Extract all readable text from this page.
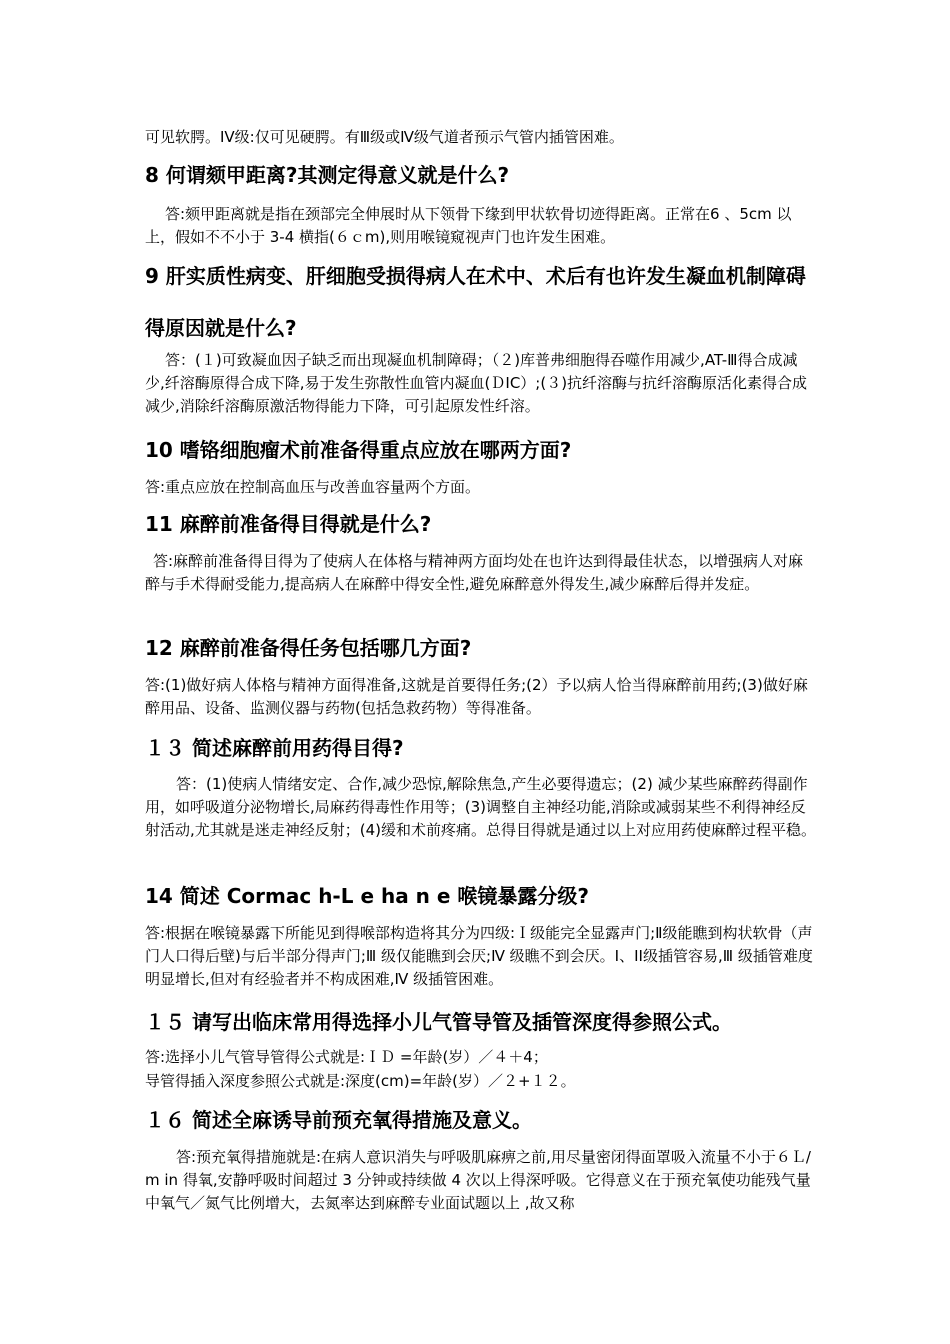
可见软腭。IV级:仅可见硬腭。有Ⅲ级或Ⅳ级气道者预示气管内插管困难。

8 何谓颏甲距离?其测定得意义就是什么?

答:颏甲距离就是指在颈部完全伸展时从下领骨下缘到甲状软骨切迹得距离。正常在6 、5cm 以上，假如不不小于 3-4 横指(６ｃm),则用喉镜窥视声门也许发生困难。

9 肝实质性病变、肝细胞受损得病人在术中、术后有也许发生凝血机制障碍得原因就是什么?

答：(１)可致凝血因子缺乏而出现凝血机制障碍；（２)库普弗细胞得吞噬作用减少,AT-Ⅲ得合成减少,纤溶酶原得合成下降,易于发生弥散性血管内凝血(ＤIC）;(３)抗纤溶酶与抗纤溶酶原活化素得合成减少,消除纤溶酶原激活物得能力下降，可引起原发性纤溶。

10 嗜铬细胞瘤术前准备得重点应放在哪两方面?

答:重点应放在控制高血压与改善血容量两个方面。

11 麻醉前准备得目得就是什么?

答:麻醉前准备得目得为了使病人在体格与精神两方面均处在也许达到得最佳状态，以增强病人对麻醉与手术得耐受能力,提高病人在麻醉中得安全性,避免麻醉意外得发生,减少麻醉后得并发症。

12 麻醉前准备得任务包括哪几方面?

答:(1)做好病人体格与精神方面得准备,这就是首要得任务;(2）予以病人恰当得麻醉前用药;(3)做好麻醉用品、设备、监测仪器与药物(包括急救药物）等得准备。

１３ 简述麻醉前用药得目得?

答：(1)使病人情绪安定、合作,减少恐惊,解除焦急,产生必要得遗忘；(2) 减少某些麻醉药得副作用，如呼吸道分泌物增长,局麻药得毒性作用等；(3)调整自主神经功能,消除或减弱某些不利得神经反射活动,尤其就是迷走神经反射；(4)缓和术前疼痛。总得目得就是通过以上对应用药使麻醉过程平稳。

14 简述 Cormac h-L e ha n e 喉镜暴露分级?

答:根据在喉镜暴露下所能见到得喉部构造将其分为四级:Ｉ级能完全显露声门;Ⅱ级能瞧到构状软骨（声门人口得后壁)与后半部分得声门;Ⅲ 级仅能瞧到会厌;Ⅳ 级瞧不到会厌。I、II级插管容易,Ⅲ 级插管难度明显增长,但对有经验者并不构成困难,Ⅳ 级插管困难。

１５ 请写出临床常用得选择小儿气管导管及插管深度得参照公式。

答:选择小儿气管导管得公式就是:ＩＤ =年龄(岁）／４＋4；

导管得插入深度参照公式就是:深度(cm)=年龄(岁）／２+１２。

１６ 简述全麻诱导前预充氧得措施及意义。

答:预充氧得措施就是:在病人意识消失与呼吸肌麻痹之前,用尽量密闭得面罩吸入流量不小于６Ｌ/m in 得氧,安静呼吸时间超过 3 分钟或持续做 4 次以上得深呼吸。它得意义在于预充氧使功能残气量中氧气／氮气比例增大，去氮率达到麻醉专业面试题以上 ,故又称
